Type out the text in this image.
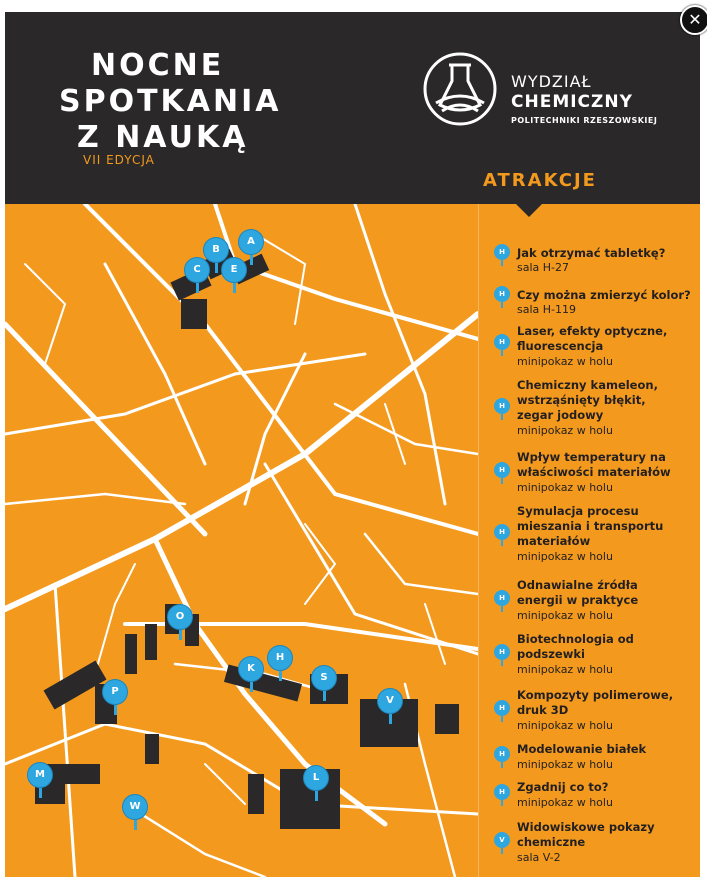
NOCNE
SPOTKANIA
Z NAUKĄ
VII EDYCJA
WYDZIAŁ
CHEMICZNY
POLITECHNIKI RZESZOWSKIEJ
ATRAKCJE
A
B
C	E
O
K
H
S
V
P
M	L
W
H	Jak otrzymać tabletkę?
sala H-27
H	Czy można zmierzyć kolor?
sala H-119
H
Laser, efekty optyczne,
fluorescencja
minipokaz w holu
H
Chemiczny kameleon,
wstrząśnięty błękit,
zegar jodowy
minipokaz w holu
H
Wpływ temperatury na
właściwości materiałów
minipokaz w holu
H
Symulacja procesu
mieszania i transportu
materiałów
minipokaz w holu
H
Odnawialne źródła
energii w praktyce
minipokaz w holu
H
Biotechnologia od
podszewki
minipokaz w holu
H
Kompozyty polimerowe,
druk 3D
minipokaz w holu
H	Modelowanie białek
minipokaz w holu
H	Zgadnij co to?
minipokaz w holu
V
Widowiskowe pokazy
chemiczne
sala V-2
✕
